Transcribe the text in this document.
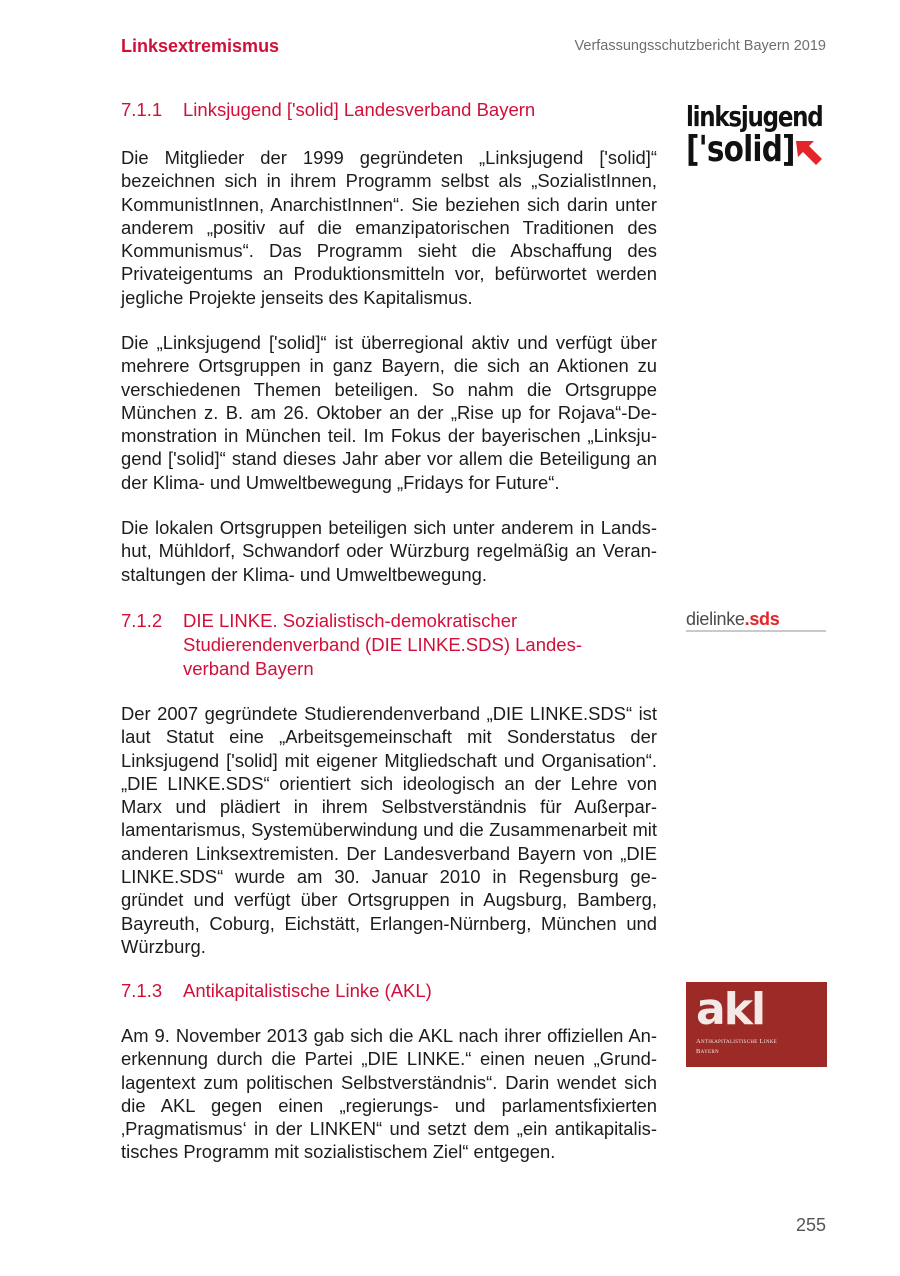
Linksextremismus	Verfassungsschutzbericht Bayern 2019
7.1.1 Linksjugend ['solid] Landesverband Bayern

Die Mitglieder der 1999 gegründeten „Linksjugend ['solid]“ bezeichnen sich in ihrem Programm selbst als „SozialistInnen, KommunistInnen, AnarchistInnen“. Sie beziehen sich darin unter anderem „positiv auf die emanzipatorischen Traditionen des Kommunismus“. Das Programm sieht die Abschaffung des Privateigentums an Produktionsmitteln vor, befürwortet werden jegliche Projekte jenseits des Kapitalismus.

Die „Linksjugend ['solid]“ ist überregional aktiv und verfügt über mehrere Ortsgruppen in ganz Bayern, die sich an Aktionen zu verschiedenen Themen beteiligen. So nahm die Ortsgruppe München z. B. am 26. Oktober an der „Rise up for Rojava“-Demonstration in München teil. Im Fokus der bayerischen „Linksjugend ['solid]“ stand dieses Jahr aber vor allem die Beteiligung an der Klima- und Umweltbewegung „Fridays for Future“.

Die lokalen Ortsgruppen beteiligen sich unter anderem in Landshut, Mühldorf, Schwandorf oder Würzburg regelmäßig an Veranstaltungen der Klima- und Umweltbewegung.

linksjugend
['solid]
7.1.2 DIE LINKE. Sozialistisch-demokratischer Studierendenverband (DIE LINKE.SDS) Landesverband Bayern

Der 2007 gegründete Studierendenverband „DIE LINKE.SDS“ ist laut Statut eine „Arbeitsgemeinschaft mit Sonderstatus der Linksjugend ['solid] mit eigener Mitgliedschaft und Organisation“. „DIE LINKE.SDS“ orientiert sich ideologisch an der Lehre von Marx und plädiert in ihrem Selbstverständnis für Außerparlamentarismus, Systemüberwindung und die Zusammenarbeit mit anderen Linksextremisten. Der Landesverband Bayern von „DIE LINKE.SDS“ wurde am 30. Januar 2010 in Regensburg gegründet und verfügt über Ortsgruppen in Augsburg, Bamberg, Bayreuth, Coburg, Eichstätt, Erlangen-Nürnberg, München und Würzburg.

dielinke.sds
7.1.3 Antikapitalistische Linke (AKL)

Am 9. November 2013 gab sich die AKL nach ihrer offiziellen Anerkennung durch die Partei „DIE LINKE.“ einen neuen „Grundlagentext zum politischen Selbstverständnis“. Darin wendet sich die AKL gegen einen „regierungs- und parlamentsfixierten ‚Pragmatismus‘ in der LINKEN“ und setzt dem „ein antikapitalistisches Programm mit sozialistischem Ziel“ entgegen.

akl
Antikapitalistische Linke
Bayern
255
